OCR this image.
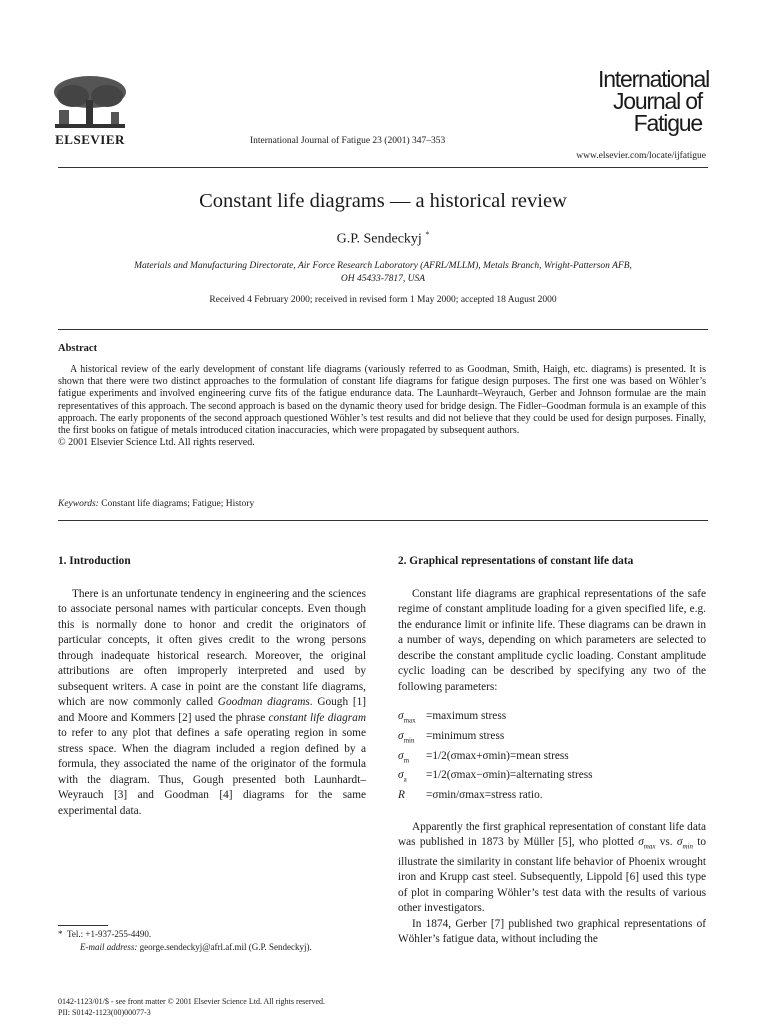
ELSEVIER	International Journal of Fatigue 23 (2001) 347–353
International
Journal of
Fatigue
www.elsevier.com/locate/ijfatigue
Constant life diagrams — a historical review
G.P. Sendeckyj *
Materials and Manufacturing Directorate, Air Force Research Laboratory (AFRL/MLLM), Metals Branch, Wright-Patterson AFB,
OH 45433-7817, USA
Received 4 February 2000; received in revised form 1 May 2000; accepted 18 August 2000
Abstract
A historical review of the early development of constant life diagrams (variously referred to as Goodman, Smith, Haigh, etc. diagrams) is presented. It is shown that there were two distinct approaches to the formulation of constant life diagrams for fatigue design purposes. The first one was based on Wöhler’s fatigue experiments and involved engineering curve fits of the fatigue endurance data. The Launhardt–Weyrauch, Gerber and Johnson formulae are the main representatives of this approach. The second approach is based on the dynamic theory used for bridge design. The Fidler–Goodman formula is an example of this approach. The early proponents of the second approach questioned Wöhler’s test results and did not believe that they could be used for design purposes. Finally, the first books on fatigue of metals introduced citation inaccuracies, which were propagated by subsequent authors.
© 2001 Elsevier Science Ltd. All rights reserved.
Keywords: Constant life diagrams; Fatigue; History
1. Introduction
There is an unfortunate tendency in engineering and the sciences to associate personal names with particular concepts. Even though this is normally done to honor and credit the originators of particular concepts, it often gives credit to the wrong persons through inadequate historical research. Moreover, the original attributions are often improperly interpreted and used by subsequent writers. A case in point are the constant life diagrams, which are now commonly called Goodman diagrams. Gough [1] and Moore and Kommers [2] used the phrase constant life diagram to refer to any plot that defines a safe operating region in some stress space. When the diagram included a region defined by a formula, they associated the name of the originator of the formula with the diagram. Thus, Gough presented both Launhardt–Weyrauch [3] and Goodman [4] diagrams for the same experimental data.
2. Graphical representations of constant life data
Constant life diagrams are graphical representations of the safe regime of constant amplitude loading for a given specified life, e.g. the endurance limit or infinite life. These diagrams can be drawn in a number of ways, depending on which parameters are selected to describe the constant amplitude cyclic loading. Constant amplitude cyclic loading can be described by specifying any two of the following parameters:
$\sigma_{max}$ =maximum stress
$\sigma_{min}$	=minimum stress
$\sigma_m$	=1/2(σmax+σmin)=mean stress
$\sigma_a$	=1/2(σmax−σmin)=alternating stress
R	=σmin/σmax=stress ratio.
Apparently the first graphical representation of constant life data was published in 1873 by Müller [5], who plotted $\sigma_{max}$ vs. $\sigma_{min}$ to illustrate the similarity in constant life behavior of Phoenix wrought iron and Krupp cast steel. Subsequently, Lippold [6] used this type of plot in comparing Wöhler’s test data with the results of various other investigators.
In 1874, Gerber [7] published two graphical representations of Wöhler’s fatigue data, without including the
* Tel.: +1-937-255-4490.
E-mail address: george.sendeckyj@afrl.af.mil (G.P. Sendeckyj).
0142-1123/01/$ - see front matter © 2001 Elsevier Science Ltd. All rights reserved.
PII: S0142-1123(00)00077-3
